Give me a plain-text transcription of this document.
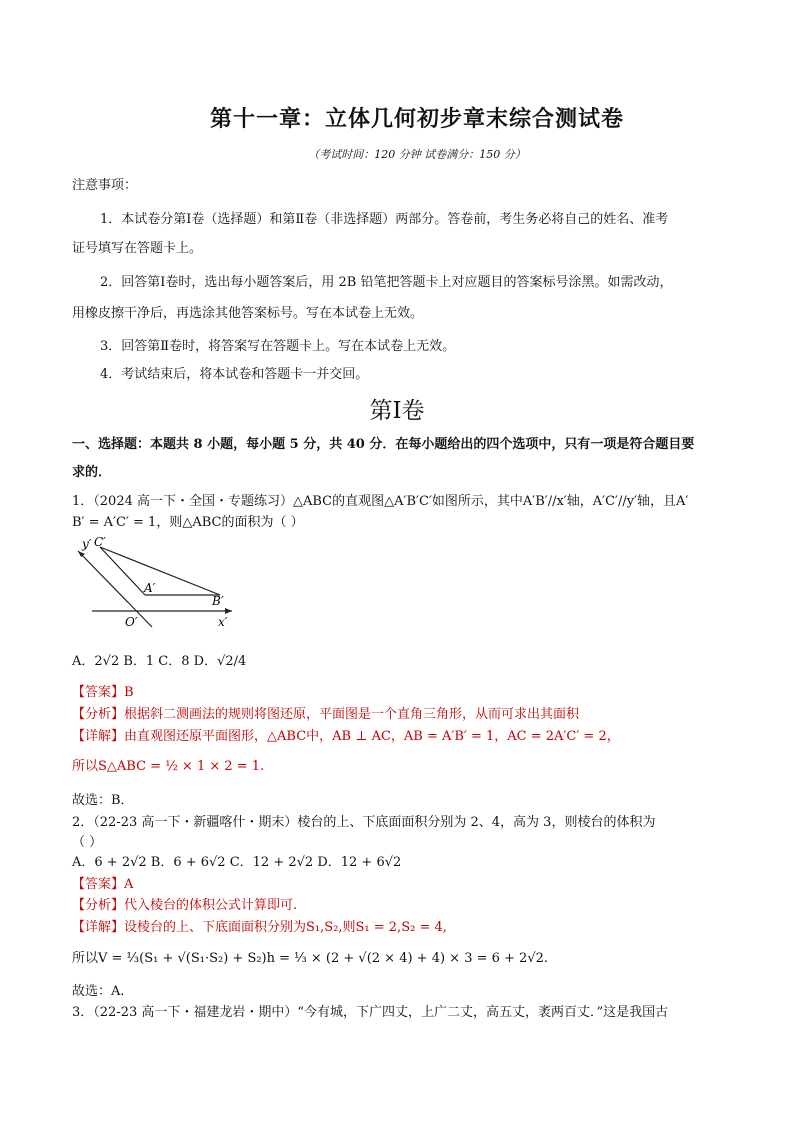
第十一章：立体几何初步章末综合测试卷
（考试时间：120 分钟 试卷满分：150 分）
注意事项：
1．本试卷分第Ⅰ卷（选择题）和第Ⅱ卷（非选择题）两部分。答卷前，考生务必将自己的姓名、准考
证号填写在答题卡上。
2．回答第Ⅰ卷时，选出每小题答案后，用 2B 铅笔把答题卡上对应题目的答案标号涂黑。如需改动，
用橡皮擦干净后，再选涂其他答案标号。写在本试卷上无效。
3．回答第Ⅱ卷时，将答案写在答题卡上。写在本试卷上无效。
4．考试结束后，将本试卷和答题卡一并交回。
第Ⅰ卷
一、选择题：本题共 8 小题，每小题 5 分，共 40 分．在每小题给出的四个选项中，只有一项是符合题目要
求的．
1．（2024 高一下・全国・专题练习）△ABC的直观图△A′B′C′如图所示，其中A′B′//x′轴，A′C′//y′轴，且A′
B′ = A′C′ = 1，则△ABC的面积为（ ）
y′ C′
A′
B′
O′	x′
A．2√2 B．1 C．8 D．√2/4
【答案】B
【分析】根据斜二测画法的规则将图还原，平面图是一个直角三角形，从而可求出其面积
【详解】由直观图还原平面图形，△ABC中，AB ⊥ AC，AB = A′B′ = 1，AC = 2A′C′ = 2，
所以S△ABC = ½ × 1 × 2 = 1.
故选：B．
2．（22-23 高一下・新疆喀什・期末）棱台的上、下底面面积分别为 2、4，高为 3，则棱台的体积为
（ ）
A．6 + 2√2 B．6 + 6√2 C．12 + 2√2 D．12 + 6√2
【答案】A
【分析】代入棱台的体积公式计算即可.
【详解】设棱台的上、下底面面积分别为S₁,S₂,则S₁ = 2,S₂ = 4,
所以V = ⅓(S₁ + √(S₁·S₂) + S₂)h = ⅓ × (2 + √(2 × 4) + 4) × 3 = 6 + 2√2.
故选：A.
3．（22-23 高一下・福建龙岩・期中）“今有城，下广四丈，上广二丈，高五丈，袤两百丈．”这是我国古
